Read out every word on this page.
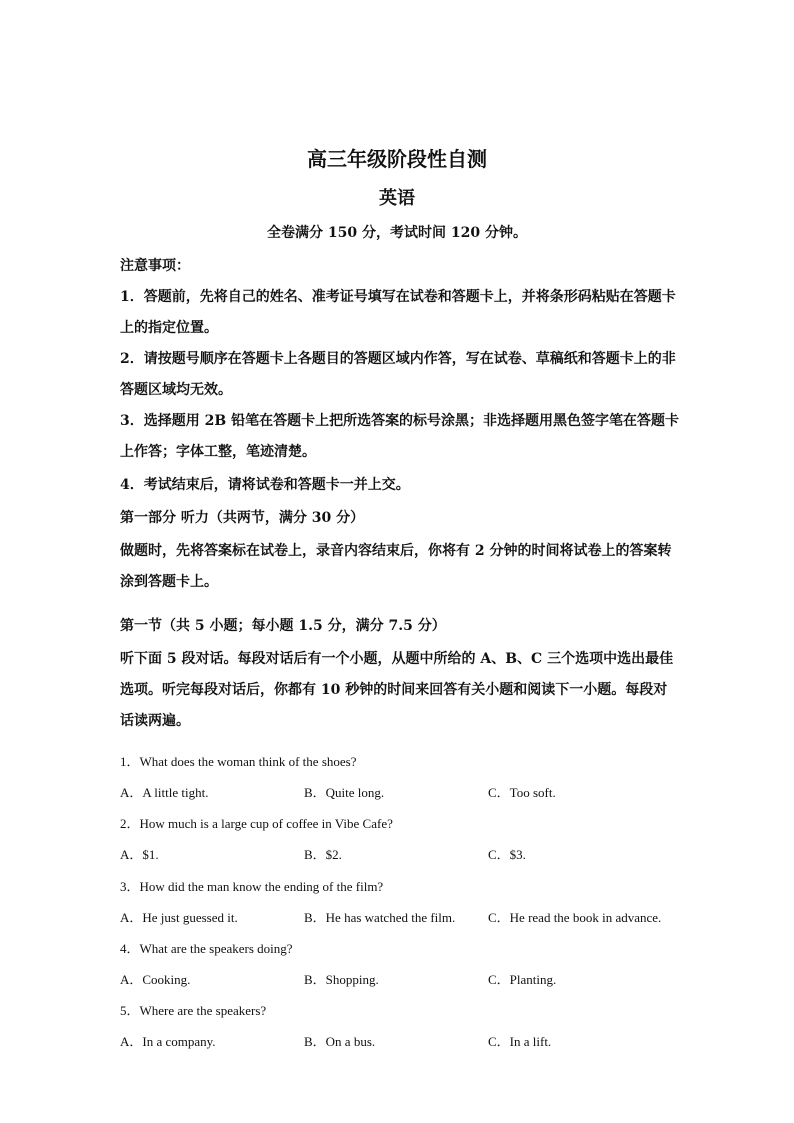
高三年级阶段性自测
英语
全卷满分 150 分，考试时间 120 分钟。
注意事项：
1．答题前，先将自己的姓名、准考证号填写在试卷和答题卡上，并将条形码粘贴在答题卡上的指定位置。
2．请按题号顺序在答题卡上各题目的答题区域内作答，写在试卷、草稿纸和答题卡上的非答题区域均无效。
3．选择题用 2B 铅笔在答题卡上把所选答案的标号涂黑；非选择题用黑色签字笔在答题卡上作答；字体工整，笔迹清楚。
4．考试结束后，请将试卷和答题卡一并上交。
第一部分 听力（共两节，满分 30 分）
做题时，先将答案标在试卷上，录音内容结束后，你将有 2 分钟的时间将试卷上的答案转涂到答题卡上。
第一节（共 5 小题；每小题 1.5 分，满分 7.5 分）
听下面 5 段对话。每段对话后有一个小题，从题中所给的 A、B、C 三个选项中选出最佳选项。听完每段对话后，你都有 10 秒钟的时间来回答有关小题和阅读下一小题。每段对话读两遍。
1．What does the woman think of the shoes?
A．A little tight.	B．Quite long.	C．Too soft.
2．How much is a large cup of coffee in Vibe Cafe?
A．$1.	B．$2.	C．$3.
3．How did the man know the ending of the film?
A．He just guessed it.	B．He has watched the film.	C．He read the book in advance.
4．What are the speakers doing?
A．Cooking.	B．Shopping.	C．Planting.
5．Where are the speakers?
A．In a company.	B．On a bus.	C．In a lift.
